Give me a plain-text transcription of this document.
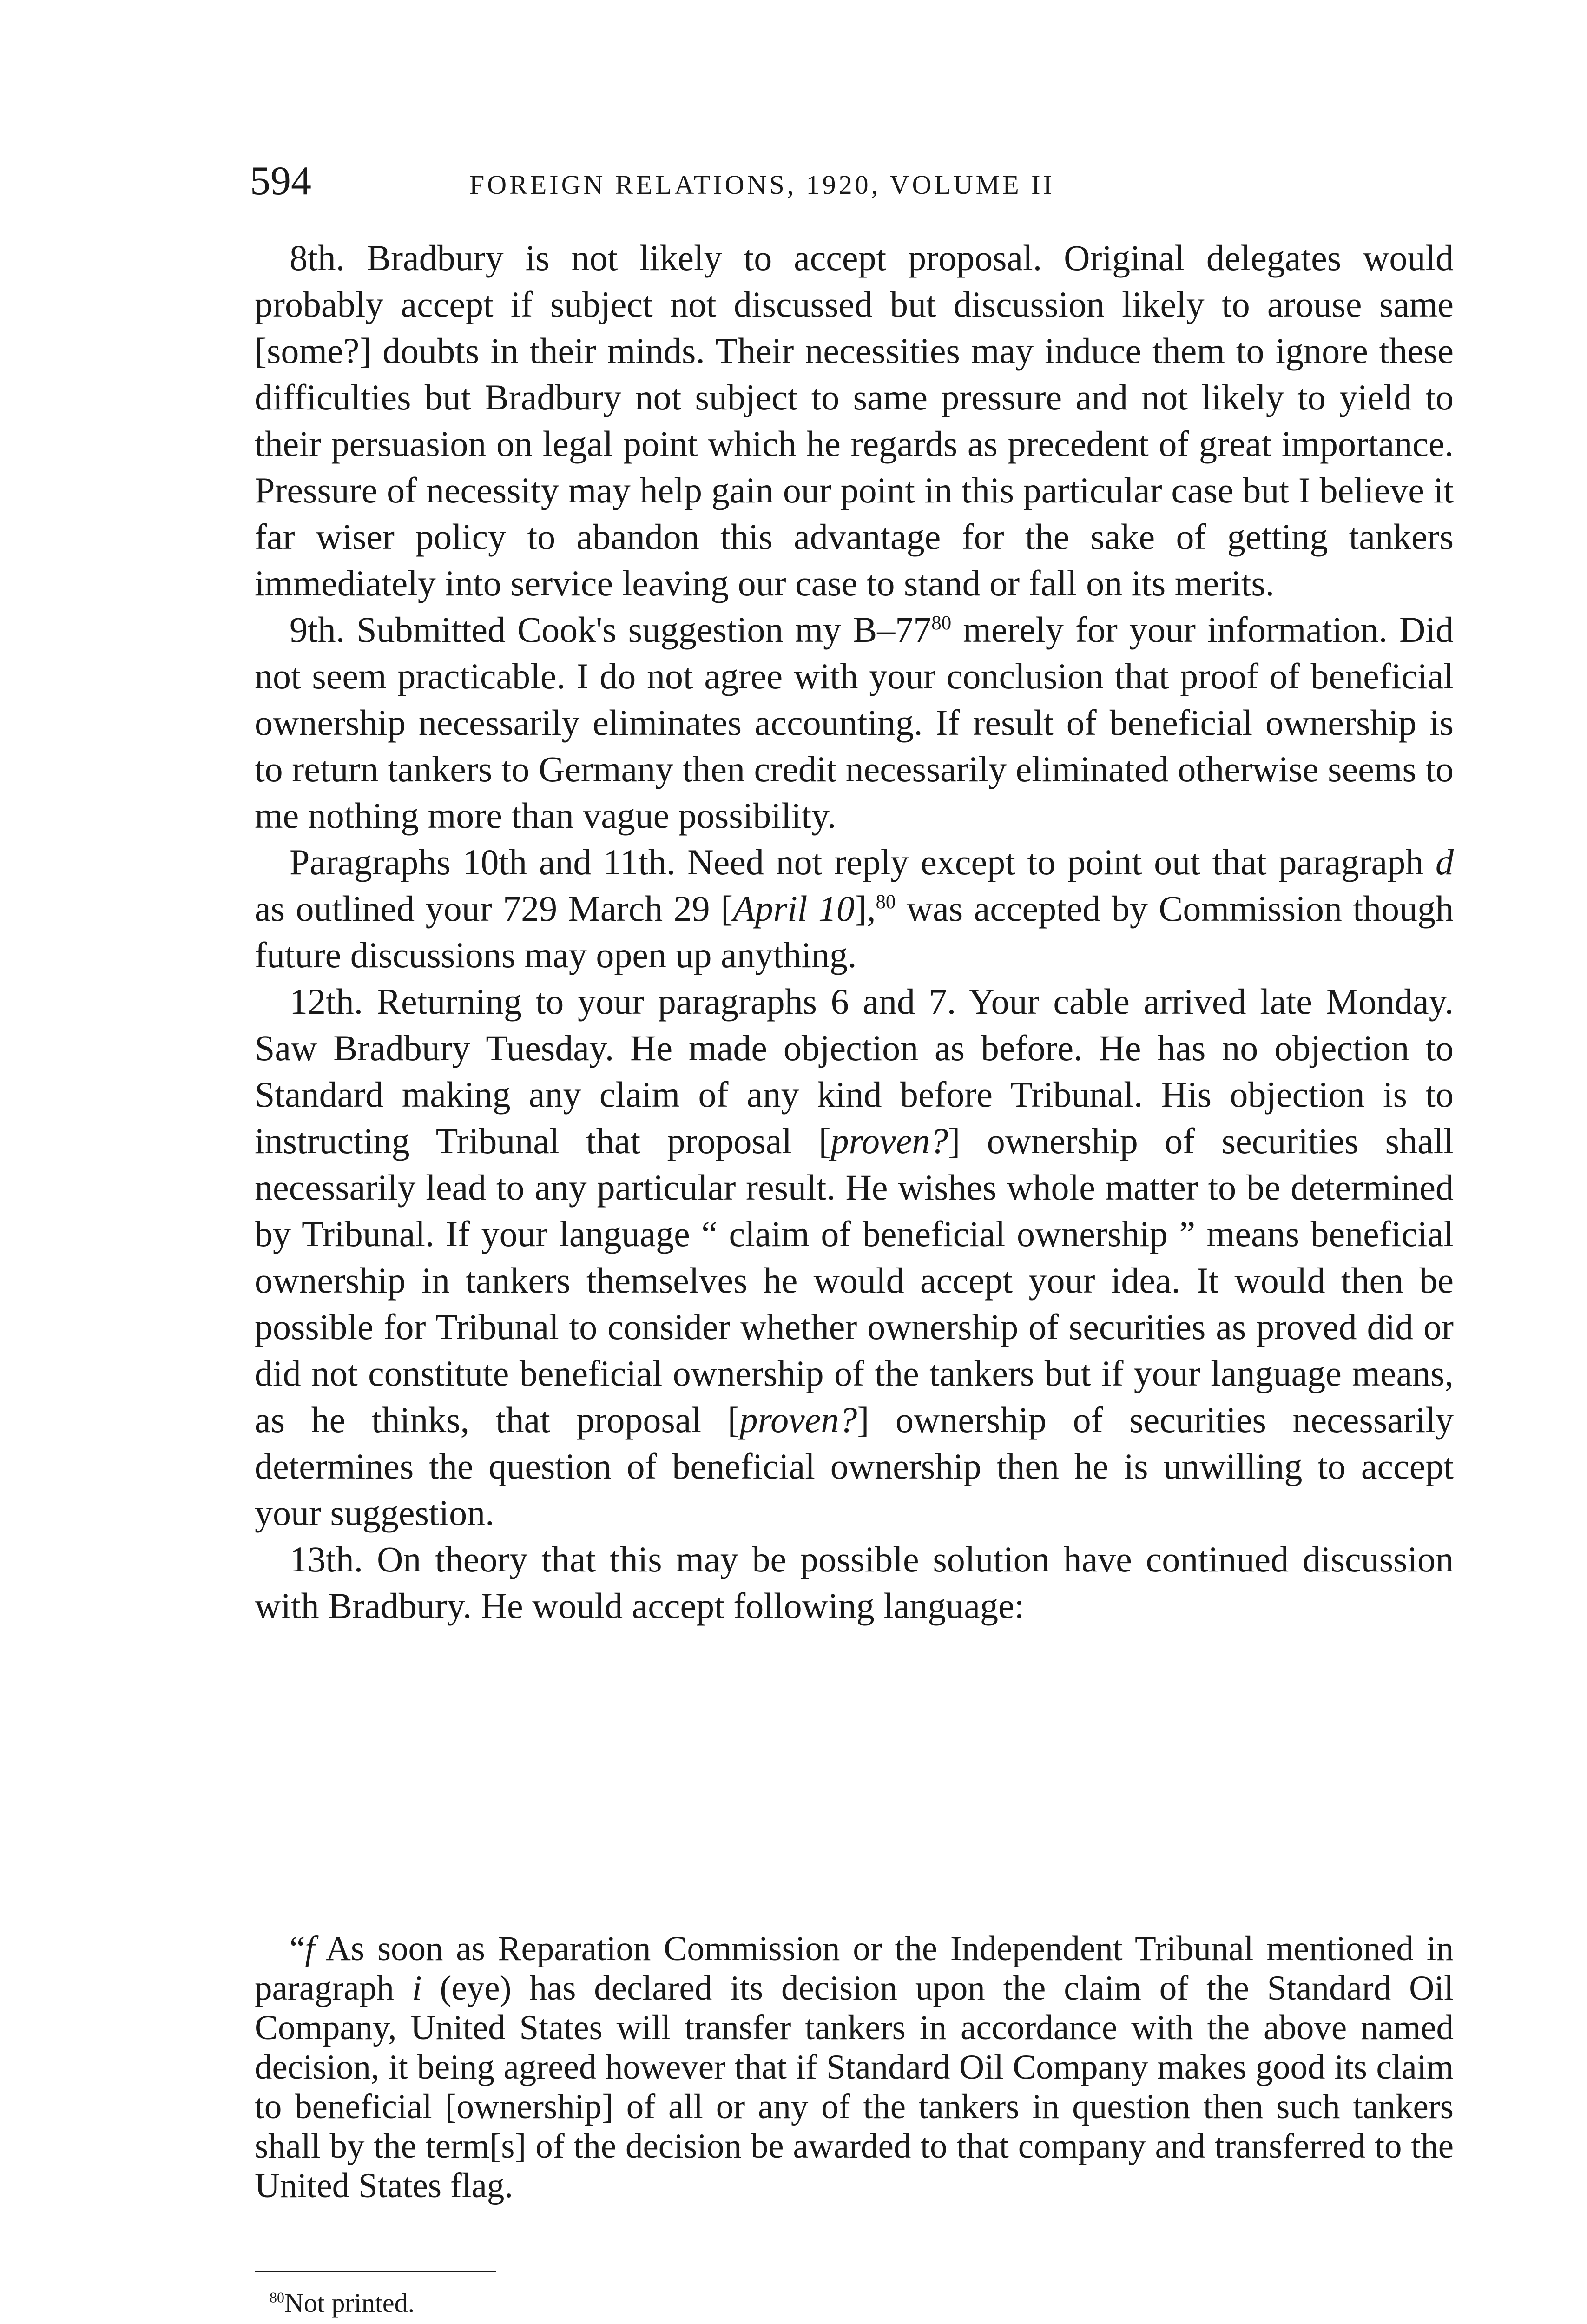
594	FOREIGN RELATIONS, 1920, VOLUME II

8th. Bradbury is not likely to accept proposal. Original delegates would probably accept if subject not discussed but discussion likely to arouse same [some?] doubts in their minds. Their necessities may induce them to ignore these difficulties but Bradbury not subject to same pressure and not likely to yield to their persuasion on legal point which he regards as precedent of great importance. Pressure of necessity may help gain our point in this particular case but I believe it far wiser policy to abandon this advantage for the sake of getting tankers immediately into service leaving our case to stand or fall on its merits.

9th. Submitted Cook's suggestion my $B-77^{80}$ merely for your information. Did not seem practicable. I do not agree with your conclusion that proof of beneficial ownership necessarily eliminates accounting. If result of beneficial ownership is to return tankers to Germany then credit necessarily eliminated otherwise seems to me nothing more than vague possibility.

Paragraphs 10th and 11th. Need not reply except to point out that paragraph d as outlined your 729 March 29 [April 10],$^{80}$ was accepted by Commission though future discussions may open up anything.

12th. Returning to your paragraphs 6 and 7. Your cable arrived late Monday. Saw Bradbury Tuesday. He made objection as before. He has no objection to Standard making any claim of any kind before Tribunal. His objection is to instructing Tribunal that proposal [proven?] ownership of securities shall necessarily lead to any particular result. He wishes whole matter to be determined by Tribunal. If your language “ claim of beneficial ownership ” means beneficial ownership in tankers themselves he would accept your idea. It would then be possible for Tribunal to consider whether ownership of securities as proved did or did not constitute beneficial ownership of the tankers but if your language means, as he thinks, that proposal [proven?] ownership of securities necessarily determines the question of beneficial ownership then he is unwilling to accept your suggestion.

13th. On theory that this may be possible solution have continued discussion with Bradbury. He would accept following language:

“f As soon as Reparation Commission or the Independent Tribunal mentioned in paragraph i (eye) has declared its decision upon the claim of the Standard Oil Company, United States will transfer tankers in accordance with the above named decision, it being agreed however that if Standard Oil Company makes good its claim to beneficial [ownership] of all or any of the tankers in question then such tankers shall by the term[s] of the decision be awarded to that company and transferred to the United States flag.

$^{80}$Not printed.
